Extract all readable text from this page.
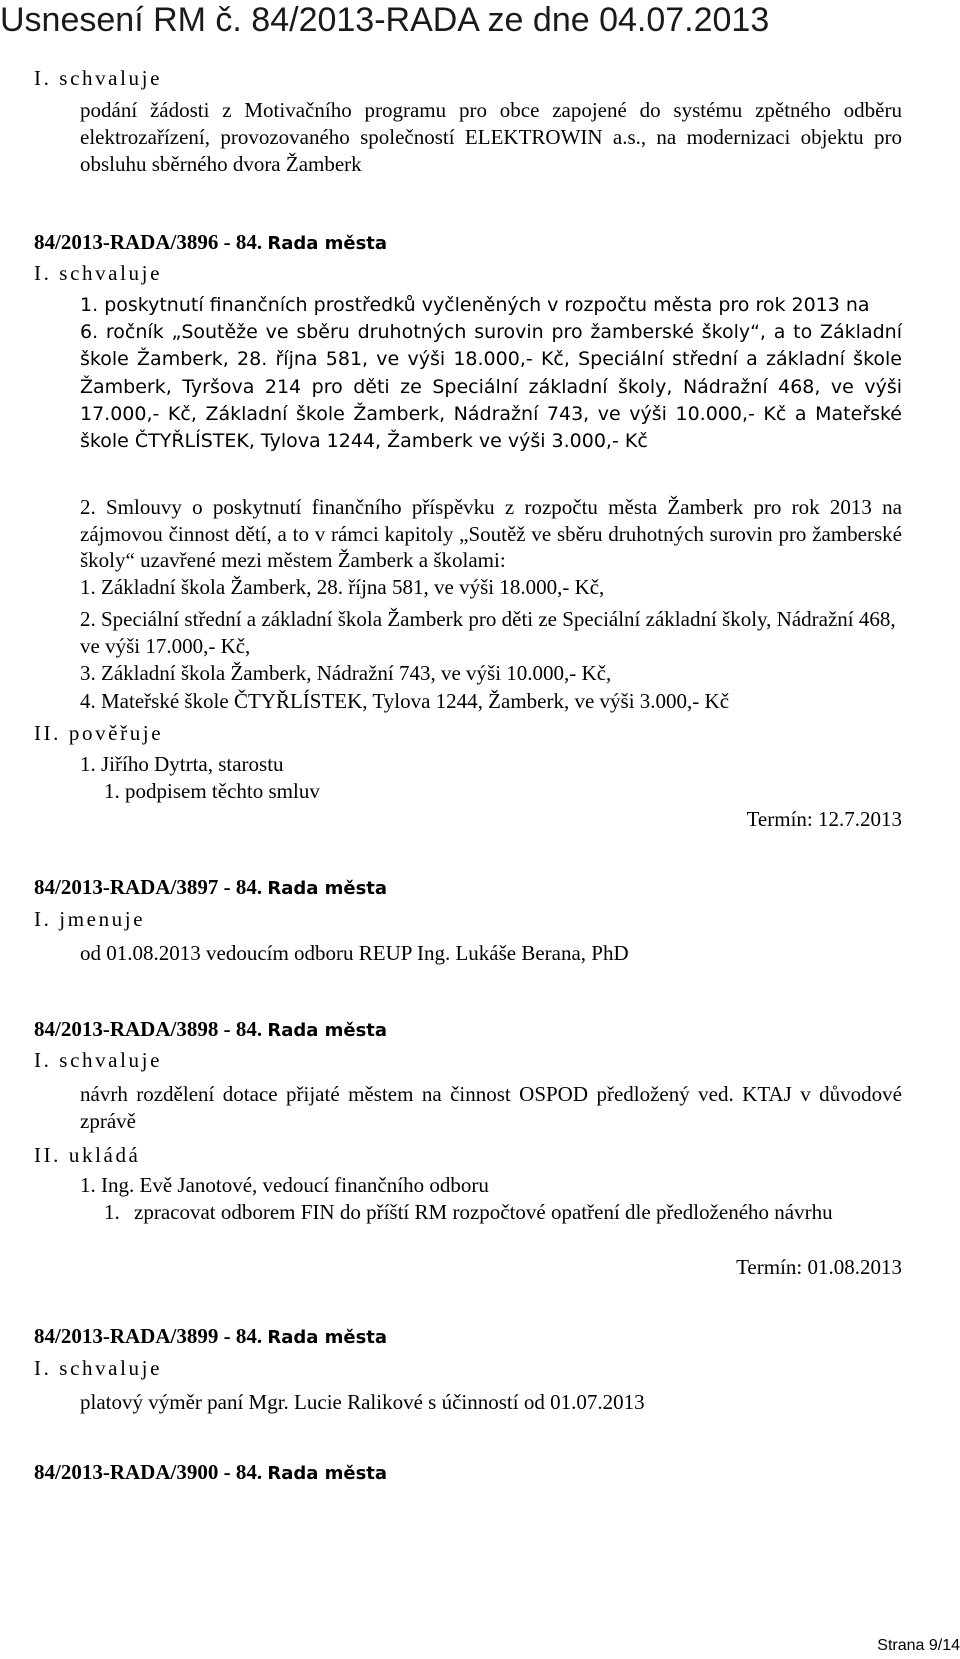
Usnesení RM č. 84/2013-RADA ze dne 04.07.2013
I. schvaluje
podání žádosti z Motivačního programu pro obce zapojené do systému zpětného odběru elektrozařízení, provozovaného společností ELEKTROWIN a.s., na modernizaci objektu pro obsluhu sběrného dvora Žamberk
84/2013-RADA/3896 - 84. Rada města
I. schvaluje
1. poskytnutí finančních prostředků vyčleněných v rozpočtu města pro rok 2013 na
6. ročník „Soutěže ve sběru druhotných surovin pro žamberské školy“, a to Základní škole Žamberk, 28. října 581, ve výši 18.000,- Kč, Speciální střední a základní škole Žamberk, Tyršova 214 pro děti ze Speciální základní školy, Nádražní 468, ve výši 17.000,- Kč, Základní škole Žamberk, Nádražní 743, ve výši 10.000,- Kč a Mateřské škole ČTYŘLÍSTEK, Tylova 1244, Žamberk ve výši 3.000,- Kč
2. Smlouvy o poskytnutí finančního příspěvku z rozpočtu města Žamberk pro rok 2013 na zájmovou činnost dětí, a to v rámci kapitoly „Soutěž ve sběru druhotných surovin pro žamberské školy“ uzavřené mezi městem Žamberk a školami:
1. Základní škola Žamberk, 28. října 581, ve výši 18.000,- Kč,
2. Speciální střední a základní škola Žamberk pro děti ze Speciální základní školy, Nádražní 468, ve výši 17.000,- Kč,
3. Základní škola Žamberk, Nádražní 743, ve výši 10.000,- Kč,
4. Mateřské škole ČTYŘLÍSTEK, Tylova 1244, Žamberk, ve výši 3.000,- Kč
II. pověřuje
1. Jiřího Dytrta, starostu
1. podpisem těchto smluv
Termín: 12.7.2013
84/2013-RADA/3897 - 84. Rada města
I. jmenuje
od 01.08.2013 vedoucím odboru REUP Ing. Lukáše Berana, PhD
84/2013-RADA/3898 - 84. Rada města
I. schvaluje
návrh rozdělení dotace přijaté městem na činnost OSPOD předložený ved. KTAJ v důvodové zprávě
II. ukládá
1. Ing. Evě Janotové, vedoucí finančního odboru
1. zpracovat odborem FIN do příští RM rozpočtové opatření dle předloženého návrhu
Termín: 01.08.2013
84/2013-RADA/3899 - 84. Rada města
I. schvaluje
platový výměr paní Mgr. Lucie Ralikové s účinností od 01.07.2013
84/2013-RADA/3900 - 84. Rada města
Strana 9/14
